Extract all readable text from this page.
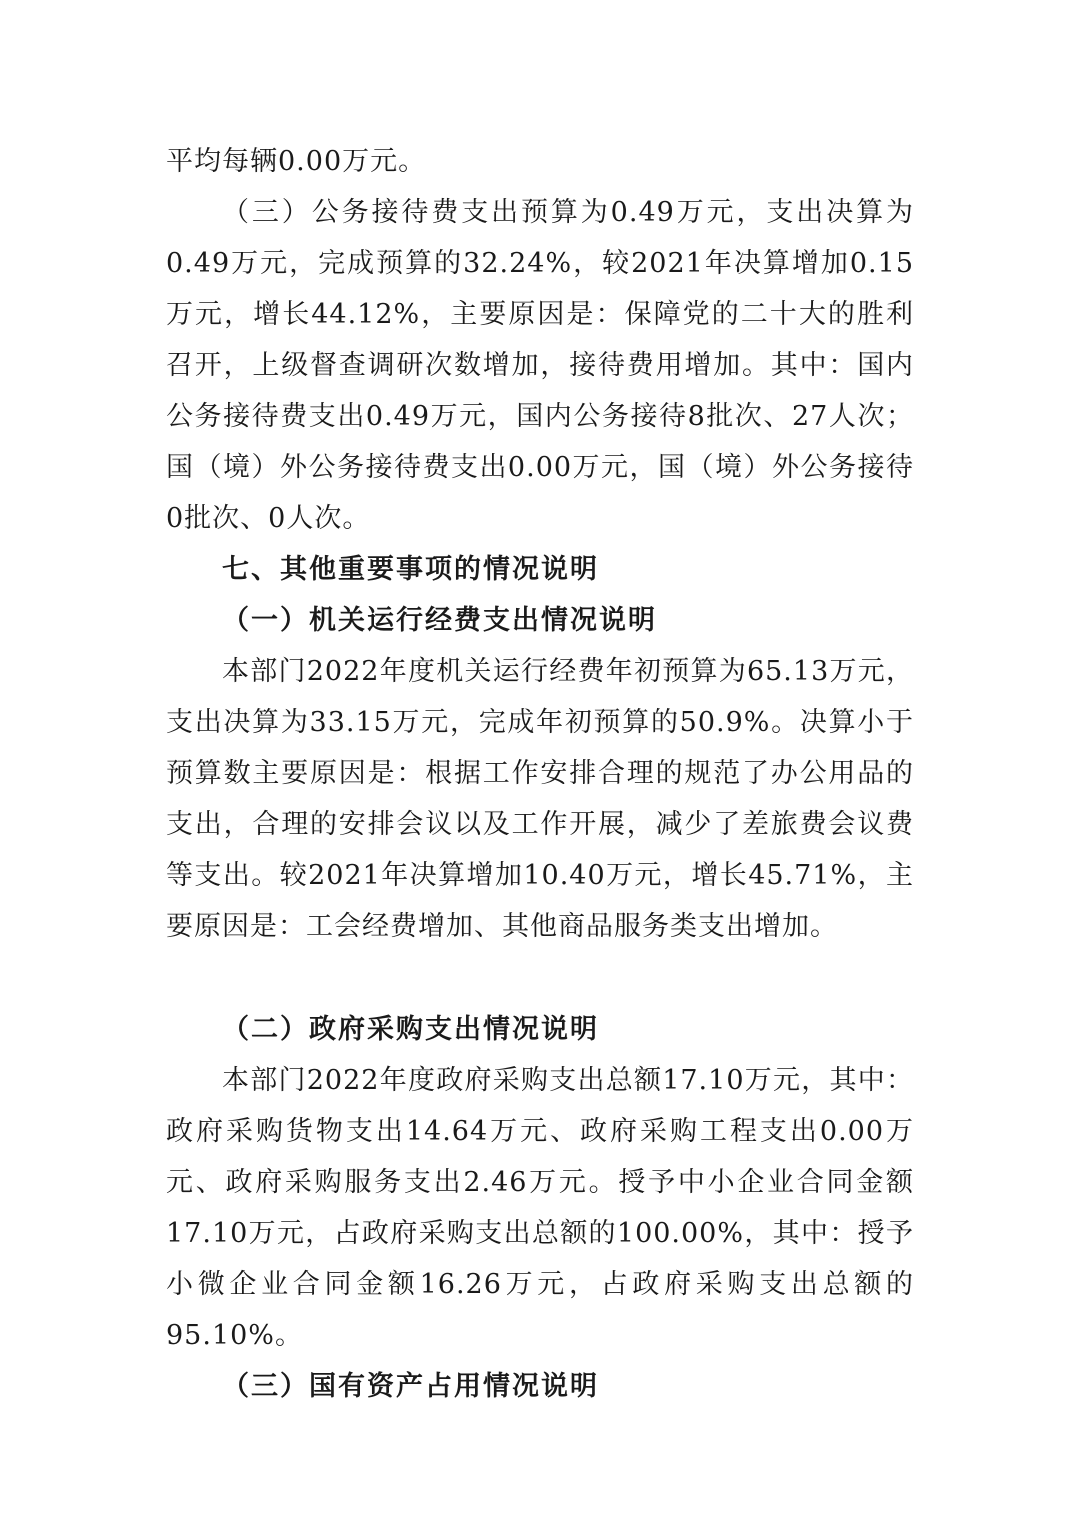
平均每辆0.00万元。

（三）公务接待费支出预算为0.49万元，支出决算为0.49万元，完成预算的32.24%，较2021年决算增加0.15万元，增长44.12%，主要原因是：保障党的二十大的胜利召开，上级督查调研次数增加，接待费用增加。其中：国内公务接待费支出0.49万元，国内公务接待8批次、27人次；国（境）外公务接待费支出0.00万元，国（境）外公务接待0批次、0人次。

七、其他重要事项的情况说明

（一）机关运行经费支出情况说明

本部门2022年度机关运行经费年初预算为65.13万元，支出决算为33.15万元，完成年初预算的50.9%。决算小于预算数主要原因是：根据工作安排合理的规范了办公用品的支出，合理的安排会议以及工作开展，减少了差旅费会议费等支出。较2021年决算增加10.40万元，增长45.71%，主要原因是：工会经费增加、其他商品服务类支出增加。

（二）政府采购支出情况说明

本部门2022年度政府采购支出总额17.10万元，其中：政府采购货物支出14.64万元、政府采购工程支出0.00万元、政府采购服务支出2.46万元。授予中小企业合同金额17.10万元，占政府采购支出总额的100.00%，其中：授予小微企业合同金额16.26万元，占政府采购支出总额的95.10%。

（三）国有资产占用情况说明
